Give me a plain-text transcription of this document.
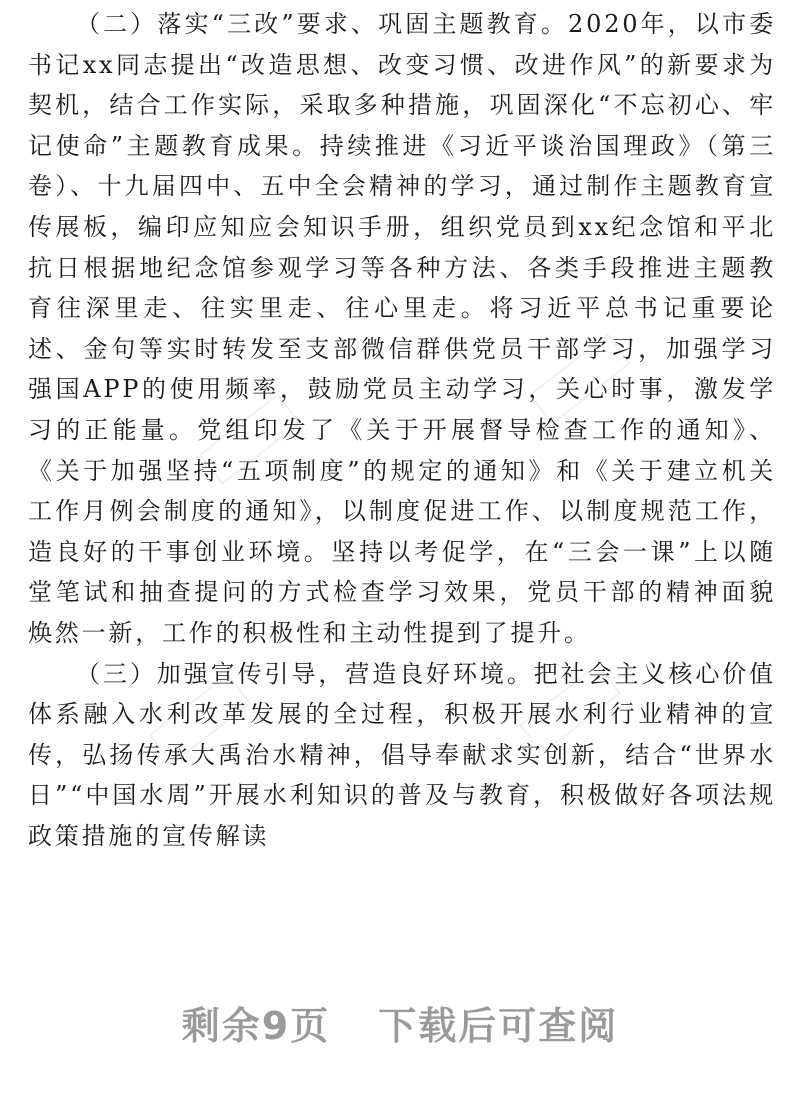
（二）落实“三改”要求、巩固主题教育。2020年，以市委书记xx同志提出“改造思想、改变习惯、改进作风”的新要求为契机，结合工作实际，采取多种措施，巩固深化“不忘初心、牢记使命”主题教育成果。持续推进《习近平谈治国理政》（第三卷）、十九届四中、五中全会精神的学习，通过制作主题教育宣传展板，编印应知应会知识手册，组织党员到xx纪念馆和平北抗日根据地纪念馆参观学习等各种方法、各类手段推进主题教育往深里走、往实里走、往心里走。将习近平总书记重要论述、金句等实时转发至支部微信群供党员干部学习，加强学习强国APP的使用频率，鼓励党员主动学习，关心时事，激发学习的正能量。党组印发了《关于开展督导检查工作的通知》、《关于加强坚持“五项制度”的规定的通知》和《关于建立机关工作月例会制度的通知》，以制度促进工作、以制度规范工作，造良好的干事创业环境。坚持以考促学，在“三会一课”上以随堂笔试和抽查提问的方式检查学习效果，党员干部的精神面貌焕然一新，工作的积极性和主动性提到了提升。

（三）加强宣传引导，营造良好环境。把社会主义核心价值体系融入水利改革发展的全过程，积极开展水利行业精神的宣传，弘扬传承大禹治水精神，倡导奉献求实创新，结合“世界水日”“中国水周”开展水利知识的普及与教育，积极做好各项法规政策措施的宣传解读

剩余9页 下载后可查阅
